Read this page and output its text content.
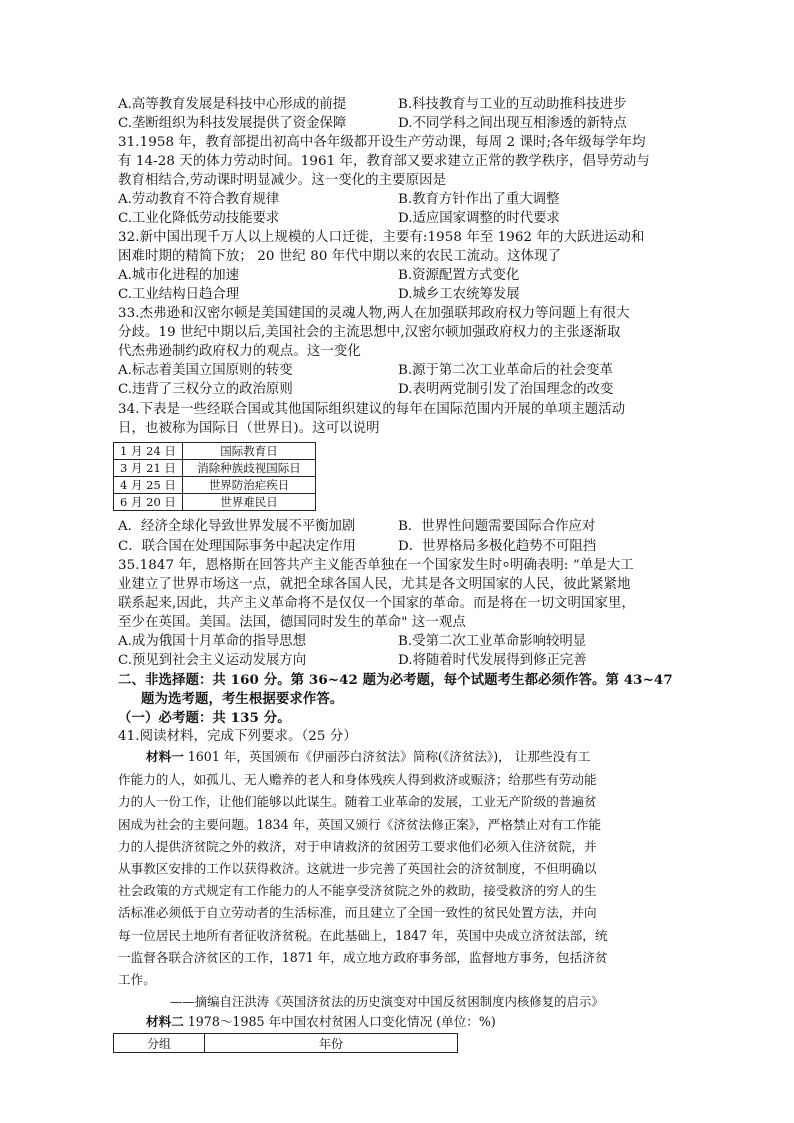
A.高等教育发展是科技中心形成的前提	B.科技教育与工业的互动助推科技进步
C.垄断组织为科技发展提供了资金保障	D.不同学科之间出现互相渗透的新特点
31.1958 年，教育部提出初高中各年级都开设生产劳动课，每周 2 课时;各年级每学年均
有 14-28 天的体力劳动时间。1961 年，教育部又要求建立正常的教学秩序，倡导劳动与
教育相结合,劳动课时明显减少。这一变化的主要原因是
A.劳动教育不符合教育规律	B.教育方针作出了重大调整
C.工业化降低劳动技能要求	D.适应国家调整的时代要求
32.新中国出现千万人以上规模的人口迁徙，主要有:1958 年至 1962 年的大跃进运动和
困难时期的精简下放； 20 世纪 80 年代中期以来的农民工流动。这体现了
A.城市化进程的加速	B.资源配置方式变化
C.工业结构日趋合理	D.城乡工农统筹发展
33.杰弗逊和汉密尔顿是美国建国的灵魂人物,两人在加强联邦政府权力等问题上有很大
分歧。19 世纪中期以后,美国社会的主流思想中,汉密尔顿加强政府权力的主张逐渐取
代杰弗逊制约政府权力的观点。这一变化
A.标志着美国立国原则的转变	B.源于第二次工业革命后的社会变革
C.违背了三权分立的政治原则	D.表明两党制引发了治国理念的改变
34.下表是一些经联合国或其他国际组织建议的每年在国际范围内开展的单项主题活动
日，也被称为国际日（世界日)。这可以说明
1 月 24 日	国际教育日
3 月 21 日	消除种族歧视国际日
4 月 25 日	世界防治疟疾日
6 月 20 日	世界难民日
A．经济全球化导致世界发展不平衡加剧	B．世界性问题需要国际合作应对
C．联合国在处理国际事务中起决定作用	D．世界格局多极化趋势不可阻挡
35.1847 年，恩格斯在回答共产主义能否单独在一个国家发生时⸰明确表明: “单是大工
业建立了世界市场这一点，就把全球各国人民，尤其是各文明国家的人民，彼此紧紧地
联系起来,因此，共产主义革命将不是仅仅一个国家的革命。而是将在一切文明国家里，
至少在英国。美国。法国，德国同时发生的革命" 这一观点
A.成为俄国十月革命的指导思想	B.受第二次工业革命影响较明显
C.预见到社会主义运动发展方向	D.将随着时代发展得到修正完善
二、非选择题：共 160 分。第 36~42 题为必考题，每个试题考生都必须作答。第 43~47
题为选考题，考生根据要求作答。
（一）必考题：共 135 分。
41.阅读材料，完成下列要求。（25 分）
材料一 1601 年，英国颁布《伊丽莎白济贫法》简称(《济贫法》)， 让那些没有工
作能力的人，如孤儿、无人赡养的老人和身体残疾人得到救济或赈济；给那些有劳动能
力的人一份工作，让他们能够以此谋生。随着工业革命的发展，工业无产阶级的普遍贫
困成为社会的主要问题。1834 年，英国又颁行《济贫法修正案》，严格禁止对有工作能
力的人提供济贫院之外的救济，对于申请救济的贫困劳工要求他们必须入住济贫院，并
从事教区安排的工作以获得救济。这就进一步完善了英国社会的济贫制度，不但明确以
社会政策的方式规定有工作能力的人不能享受济贫院之外的救助，接受救济的穷人的生
活标准必须低于自立劳动者的生活标准，而且建立了全国一致性的贫民处置方法，并向
每一位居民土地所有者征收济贫税。在此基础上，1847 年，英国中央成立济贫法部，统
一监督各联合济贫区的工作，1871 年，成立地方政府事务部，监督地方事务，包括济贫
工作。
——摘编自汪洪涛《英国济贫法的历史演变对中国反贫困制度内核修复的启示》
材料二 1978～1985 年中国农村贫困人口变化情况 (单位：%)
分组	年份
